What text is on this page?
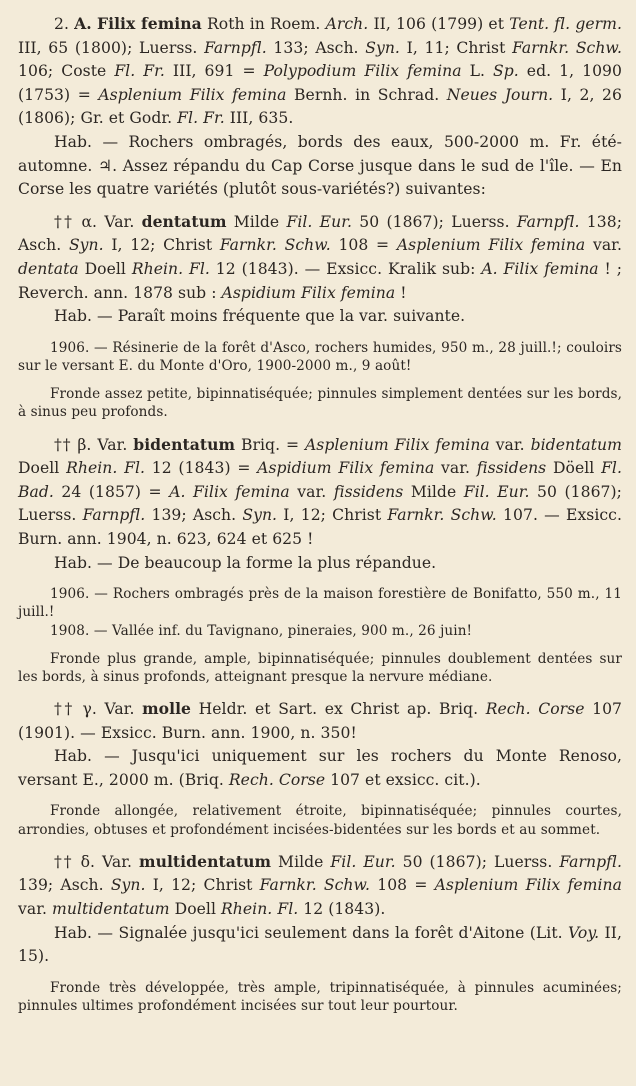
2. A. Filix femina Roth in Roem. Arch. II, 106 (1799) et Tent. fl. germ. III, 65 (1800); Luerss. Farnpfl. 133; Asch. Syn. I, 11; Christ Farnkr. Schw. 106; Coste Fl. Fr. III, 691 = Polypodium Filix femina L. Sp. ed. 1, 1090 (1753) = Asplenium Filix femina Bernh. in Schrad. Neues Journ. I, 2, 26 (1806); Gr. et Godr. Fl. Fr. III, 635.

Hab. — Rochers ombragés, bords des eaux, 500-2000 m. Fr. été-automne. ♃. Assez répandu du Cap Corse jusque dans le sud de l'île. — En Corse les quatre variétés (plutôt sous-variétés?) suivantes:

†† α. Var. dentatum Milde Fil. Eur. 50 (1867); Luerss. Farnpfl. 138; Asch. Syn. I, 12; Christ Farnkr. Schw. 108 = Asplenium Filix femina var. dentata Doell Rhein. Fl. 12 (1843). — Exsicc. Kralik sub: A. Filix femina ! ; Reverch. ann. 1878 sub : Aspidium Filix femina !

Hab. — Paraît moins fréquente que la var. suivante.

1906. — Résinerie de la forêt d'Asco, rochers humides, 950 m., 28 juill.!; couloirs sur le versant E. du Monte d'Oro, 1900-2000 m., 9 août!

Fronde assez petite, bipinnatiséquée; pinnules simplement dentées sur les bords, à sinus peu profonds.

†† β. Var. bidentatum Briq. = Asplenium Filix femina var. bidentatum Doell Rhein. Fl. 12 (1843) = Aspidium Filix femina var. fissidens Döell Fl. Bad. 24 (1857) = A. Filix femina var. fissidens Milde Fil. Eur. 50 (1867); Luerss. Farnpfl. 139; Asch. Syn. I, 12; Christ Farnkr. Schw. 107. — Exsicc. Burn. ann. 1904, n. 623, 624 et 625 !

Hab. — De beaucoup la forme la plus répandue.

1906. — Rochers ombragés près de la maison forestière de Bonifatto, 550 m., 11 juill.!

1908. — Vallée inf. du Tavignano, pineraies, 900 m., 26 juin!

Fronde plus grande, ample, bipinnatiséquée; pinnules doublement dentées sur les bords, à sinus profonds, atteignant presque la nervure médiane.

†† γ. Var. molle Heldr. et Sart. ex Christ ap. Briq. Rech. Corse 107 (1901). — Exsicc. Burn. ann. 1900, n. 350!

Hab. — Jusqu'ici uniquement sur les rochers du Monte Renoso, versant E., 2000 m. (Briq. Rech. Corse 107 et exsicc. cit.).

Fronde allongée, relativement étroite, bipinnatiséquée; pinnules courtes, arrondies, obtuses et profondément incisées-bidentées sur les bords et au sommet.

†† δ. Var. multidentatum Milde Fil. Eur. 50 (1867); Luerss. Farnpfl. 139; Asch. Syn. I, 12; Christ Farnkr. Schw. 108 = Asplenium Filix femina var. multidentatum Doell Rhein. Fl. 12 (1843).

Hab. — Signalée jusqu'ici seulement dans la forêt d'Aitone (Lit. Voy. II, 15).

Fronde très développée, très ample, tripinnatiséquée, à pinnules acuminées; pinnules ultimes profondément incisées sur tout leur pourtour.
